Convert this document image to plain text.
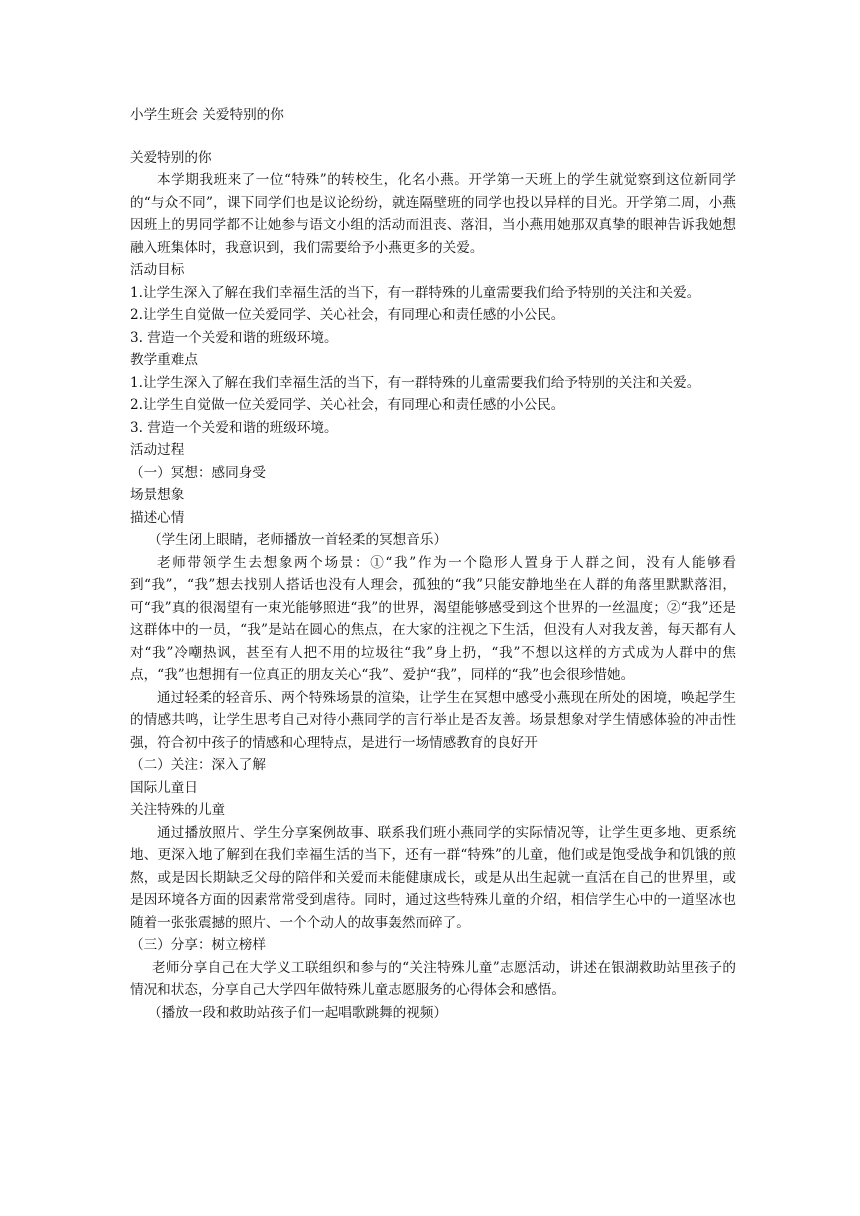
小学生班会 关爱特别的你

关爱特别的你

本学期我班来了一位“特殊”的转校生，化名小燕。开学第一天班上的学生就觉察到这位新同学的“与众不同”，课下同学们也是议论纷纷，就连隔壁班的同学也投以异样的目光。开学第二周，小燕因班上的男同学都不让她参与语文小组的活动而沮丧、落泪，当小燕用她那双真挚的眼神告诉我她想融入班集体时，我意识到，我们需要给予小燕更多的关爱。

活动目标

1.让学生深入了解在我们幸福生活的当下，有一群特殊的儿童需要我们给予特别的关注和关爱。

2.让学生自觉做一位关爱同学、关心社会，有同理心和责任感的小公民。

3. 营造一个关爱和谐的班级环境。

教学重难点

1.让学生深入了解在我们幸福生活的当下，有一群特殊的儿童需要我们给予特别的关注和关爱。

2.让学生自觉做一位关爱同学、关心社会，有同理心和责任感的小公民。

3. 营造一个关爱和谐的班级环境。

活动过程

（一）冥想：感同身受

场景想象

描述心情

（学生闭上眼睛，老师播放一首轻柔的冥想音乐）

老师带领学生去想象两个场景：①“我”作为一个隐形人置身于人群之间，没有人能够看到“我”，“我”想去找别人搭话也没有人理会，孤独的“我”只能安静地坐在人群的角落里默默落泪，可“我”真的很渴望有一束光能够照进“我”的世界，渴望能够感受到这个世界的一丝温度；②“我”还是这群体中的一员，“我”是站在圆心的焦点，在大家的注视之下生活，但没有人对我友善，每天都有人对“我”冷嘲热讽，甚至有人把不用的垃圾往“我”身上扔，“我”不想以这样的方式成为人群中的焦点，“我”也想拥有一位真正的朋友关心“我”、爱护“我”，同样的“我”也会很珍惜她。

通过轻柔的轻音乐、两个特殊场景的渲染，让学生在冥想中感受小燕现在所处的困境，唤起学生的情感共鸣，让学生思考自己对待小燕同学的言行举止是否友善。场景想象对学生情感体验的冲击性强，符合初中孩子的情感和心理特点，是进行一场情感教育的良好开

（二）关注：深入了解

国际儿童日

关注特殊的儿童

通过播放照片、学生分享案例故事、联系我们班小燕同学的实际情况等，让学生更多地、更系统地、更深入地了解到在我们幸福生活的当下，还有一群“特殊”的儿童，他们或是饱受战争和饥饿的煎熬，或是因长期缺乏父母的陪伴和关爱而未能健康成长，或是从出生起就一直活在自己的世界里，或是因环境各方面的因素常常受到虐待。同时，通过这些特殊儿童的介绍，相信学生心中的一道坚冰也随着一张张震撼的照片、一个个动人的故事轰然而碎了。

（三）分享：树立榜样

老师分享自己在大学义工联组织和参与的“关注特殊儿童”志愿活动，讲述在银湖救助站里孩子的情况和状态，分享自己大学四年做特殊儿童志愿服务的心得体会和感悟。

（播放一段和救助站孩子们一起唱歌跳舞的视频）
